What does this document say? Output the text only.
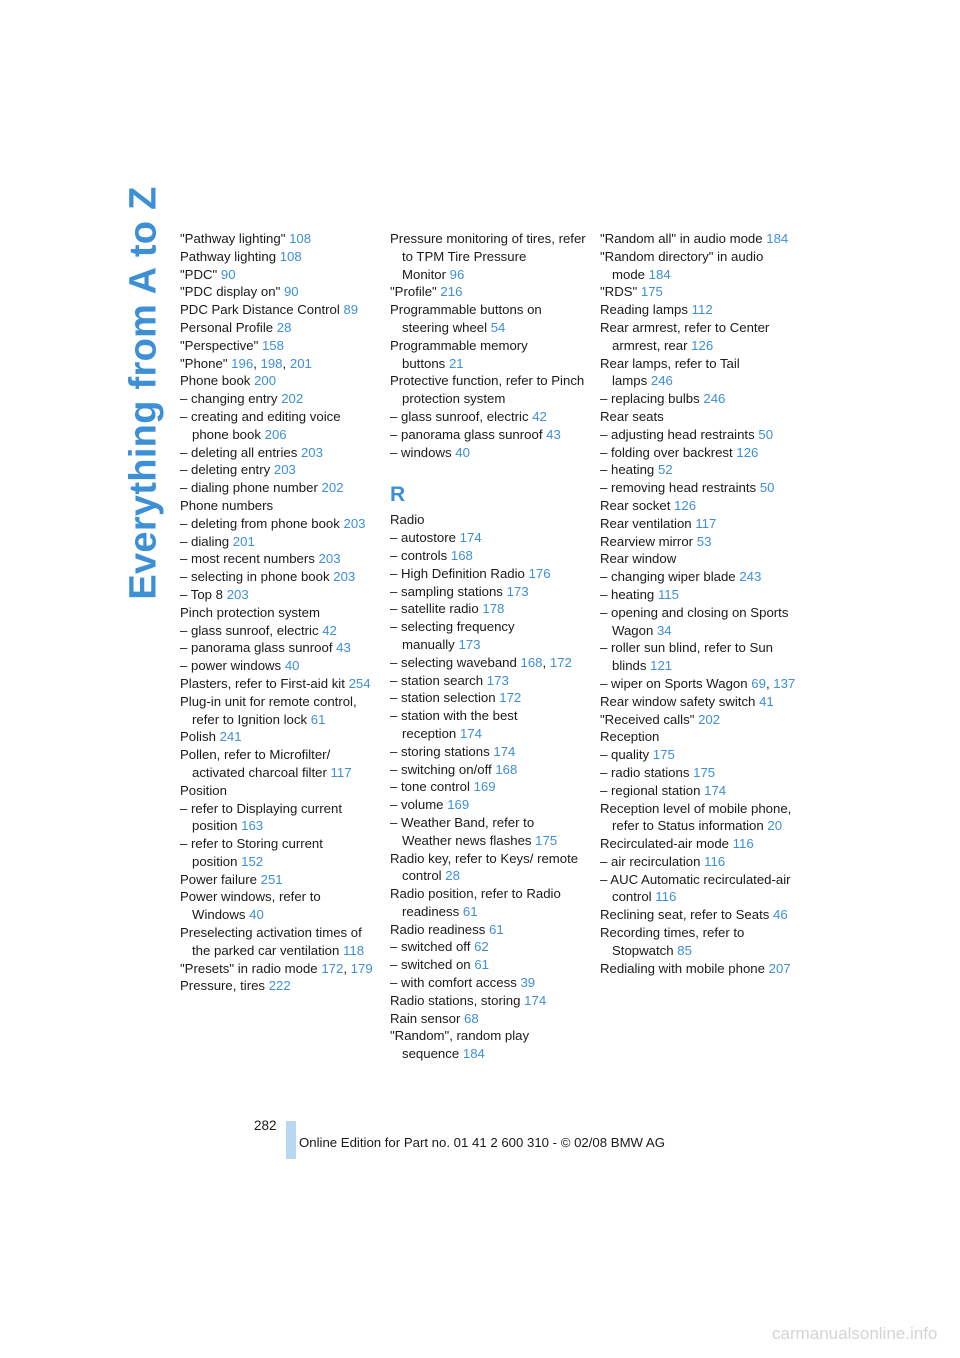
Everything from A to Z "Pathway lighting" 108
Pathway lighting 108
"PDC" 90
"PDC display on" 90
PDC Park Distance Control 89
Personal Profile 28
"Perspective" 158
"Phone" 196, 198, 201
Phone book 200
– changing entry 202
– creating and editing voice phone book 206
– deleting all entries 203
– deleting entry 203
– dialing phone number 202
Phone numbers
– deleting from phone book 203
– dialing 201
– most recent numbers 203
– selecting in phone book 203
– Top 8 203
Pinch protection system
– glass sunroof, electric 42
– panorama glass sunroof 43
– power windows 40
Plasters, refer to First-aid kit 254
Plug-in unit for remote control, refer to Ignition lock 61
Polish 241
Pollen, refer to Microfilter/ activated charcoal filter 117
Position
– refer to Displaying current position 163
– refer to Storing current position 152
Power failure 251
Power windows, refer to Windows 40
Preselecting activation times of the parked car ventilation 118
"Presets" in radio mode 172, 179
Pressure, tires 222
Pressure monitoring of tires, refer to TPM Tire Pressure Monitor 96
"Profile" 216
Programmable buttons on steering wheel 54
Programmable memory buttons 21
Protective function, refer to Pinch protection system
– glass sunroof, electric 42
– panorama glass sunroof 43
– windows 40
R
Radio
– autostore 174
– controls 168
– High Definition Radio 176
– sampling stations 173
– satellite radio 178
– selecting frequency manually 173
– selecting waveband 168, 172
– station search 173
– station selection 172
– station with the best reception 174
– storing stations 174
– switching on/off 168
– tone control 169
– volume 169
– Weather Band, refer to Weather news flashes 175
Radio key, refer to Keys/ remote control 28
Radio position, refer to Radio readiness 61
Radio readiness 61
– switched off 62
– switched on 61
– with comfort access 39
Radio stations, storing 174
Rain sensor 68
"Random", random play sequence 184
"Random all" in audio mode 184
"Random directory" in audio mode 184
"RDS" 175
Reading lamps 112
Rear armrest, refer to Center armrest, rear 126
Rear lamps, refer to Tail lamps 246
– replacing bulbs 246
Rear seats
– adjusting head restraints 50
– folding over backrest 126
– heating 52
– removing head restraints 50
Rear socket 126
Rear ventilation 117
Rearview mirror 53
Rear window
– changing wiper blade 243
– heating 115
– opening and closing on Sports Wagon 34
– roller sun blind, refer to Sun blinds 121
– wiper on Sports Wagon 69, 137
Rear window safety switch 41
"Received calls" 202
Reception
– quality 175
– radio stations 175
– regional station 174
Reception level of mobile phone, refer to Status information 20
Recirculated-air mode 116
– air recirculation 116
– AUC Automatic recirculated-air control 116
Reclining seat, refer to Seats 46
Recording times, refer to Stopwatch 85
Redialing with mobile phone 207
282
Online Edition for Part no. 01 41 2 600 310 - © 02/08 BMW AG
carmanualsonline.info
